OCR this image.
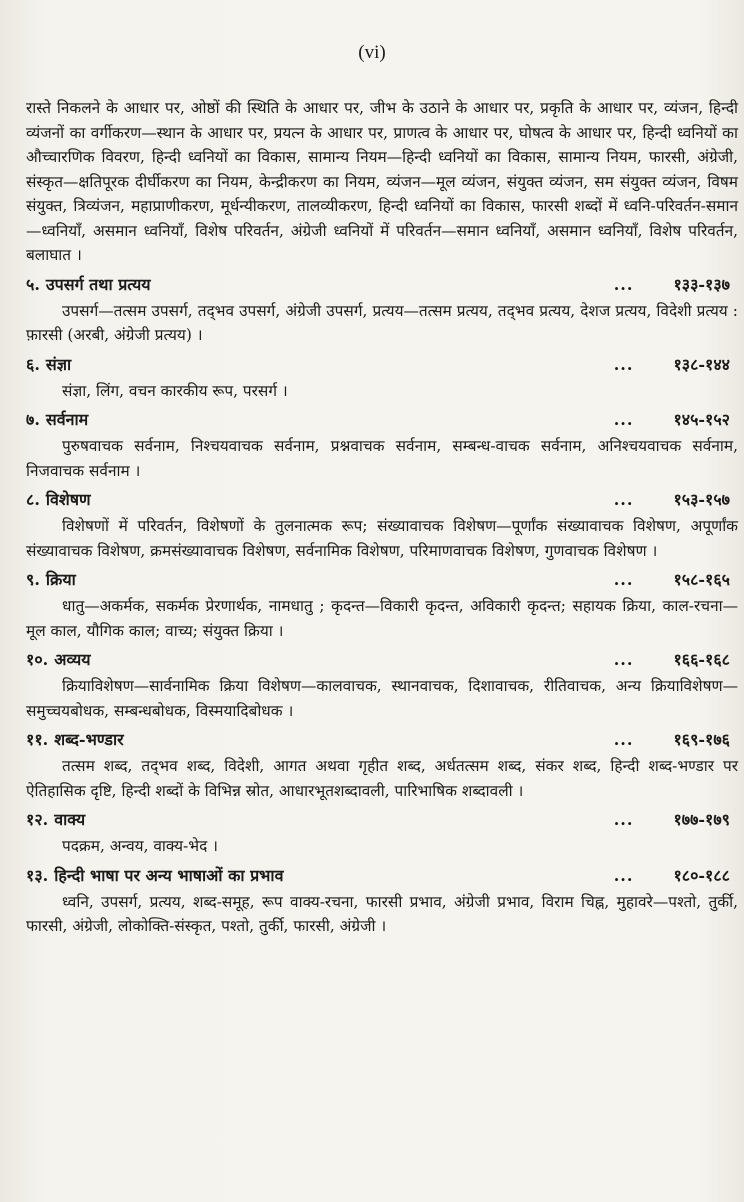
(vi)

रास्ते निकलने के आधार पर, ओष्ठों की स्थिति के आधार पर, जीभ के उठाने के आधार पर, प्रकृति के आधार पर, व्यंजन, हिन्दी व्यंजनों का वर्गीकरण—स्थान के आधार पर, प्रयत्न के आधार पर, प्राणत्व के आधार पर, घोषत्व के आधार पर, हिन्दी ध्वनियों का औच्चारणिक विवरण, हिन्दी ध्वनियों का विकास, सामान्य नियम—हिन्दी ध्वनियों का विकास, सामान्य नियम, फारसी, अंग्रेजी, संस्कृत—क्षतिपूरक दीर्घीकरण का नियम, केन्द्रीकरण का नियम, व्यंजन—मूल व्यंजन, संयुक्त व्यंजन, सम संयुक्त व्यंजन, विषम संयुक्त, त्रिव्यंजन, महाप्राणीकरण, मूर्धन्यीकरण, तालव्यीकरण, हिन्दी ध्वनियों का विकास, फारसी शब्दों में ध्वनि-परिवर्तन-समान—ध्वनियाँ, असमान ध्वनियाँ, विशेष परिवर्तन, अंग्रेजी ध्वनियों में परिवर्तन—समान ध्वनियाँ, असमान ध्वनियाँ, विशेष परिवर्तन, बलाघात ।

५. उपसर्ग तथा प्रत्यय	...	१३३-१३७

उपसर्ग—तत्सम उपसर्ग, तद्‌भव उपसर्ग, अंग्रेजी उपसर्ग, प्रत्यय—तत्सम प्रत्यय, तद्‌भव प्रत्यय, देशज प्रत्यय, विदेशी प्रत्यय : फ़ारसी (अरबी, अंग्रेजी प्रत्यय) ।

६. संज्ञा	...	१३८-१४४

संज्ञा, लिंग, वचन कारकीय रूप, परसर्ग ।

७. सर्वनाम	...	१४५-१५२

पुरुषवाचक सर्वनाम, निश्चयवाचक सर्वनाम, प्रश्नवाचक सर्वनाम, सम्बन्ध-वाचक सर्वनाम, अनिश्चयवाचक सर्वनाम, निजवाचक सर्वनाम ।

८. विशेषण	...	१५३-१५७

विशेषणों में परिवर्तन, विशेषणों के तुलनात्मक रूप; संख्यावाचक विशेषण—पूर्णांक संख्यावाचक विशेषण, अपूर्णांक संख्यावाचक विशेषण, क्रमसंख्यावाचक विशेषण, सर्वनामिक विशेषण, परिमाणवाचक विशेषण, गुणवाचक विशेषण ।

९. क्रिया	...	१५८-१६५

धातु—अकर्मक, सकर्मक प्रेरणार्थक, नामधातु ; कृदन्त—विकारी कृदन्त, अविकारी कृदन्त; सहायक क्रिया, काल-रचना—मूल काल, यौगिक काल; वाच्य; संयुक्त क्रिया ।

१०. अव्यय	...	१६६-१६८

क्रियाविशेषण—सार्वनामिक क्रिया विशेषण—कालवाचक, स्थानवाचक, दिशावाचक, रीतिवाचक, अन्य क्रियाविशेषण—समुच्चयबोधक, सम्बन्धबोधक, विस्मयादिबोधक ।

११. शब्द-भण्डार	...	१६९-१७६

तत्सम शब्द, तद्‌भव शब्द, विदेशी, आगत अथवा गृहीत शब्द, अर्धतत्सम शब्द, संकर शब्द, हिन्दी शब्द-भण्डार पर ऐतिहासिक दृष्टि, हिन्दी शब्दों के विभिन्न स्रोत, आधारभूतशब्दावली, पारिभाषिक शब्दावली ।

१२. वाक्य	...	१७७-१७९

पदक्रम, अन्वय, वाक्य-भेद ।

१३. हिन्दी भाषा पर अन्य भाषाओं का प्रभाव	...	१८०-१८८

ध्वनि, उपसर्ग, प्रत्यय, शब्द-समूह, रूप वाक्य-रचना, फारसी प्रभाव, अंग्रेजी प्रभाव, विराम चिह्न, मुहावरे—पश्तो, तुर्की, फारसी, अंग्रेजी, लोकोक्ति-संस्कृत, पश्तो, तुर्की, फारसी, अंग्रेजी ।
